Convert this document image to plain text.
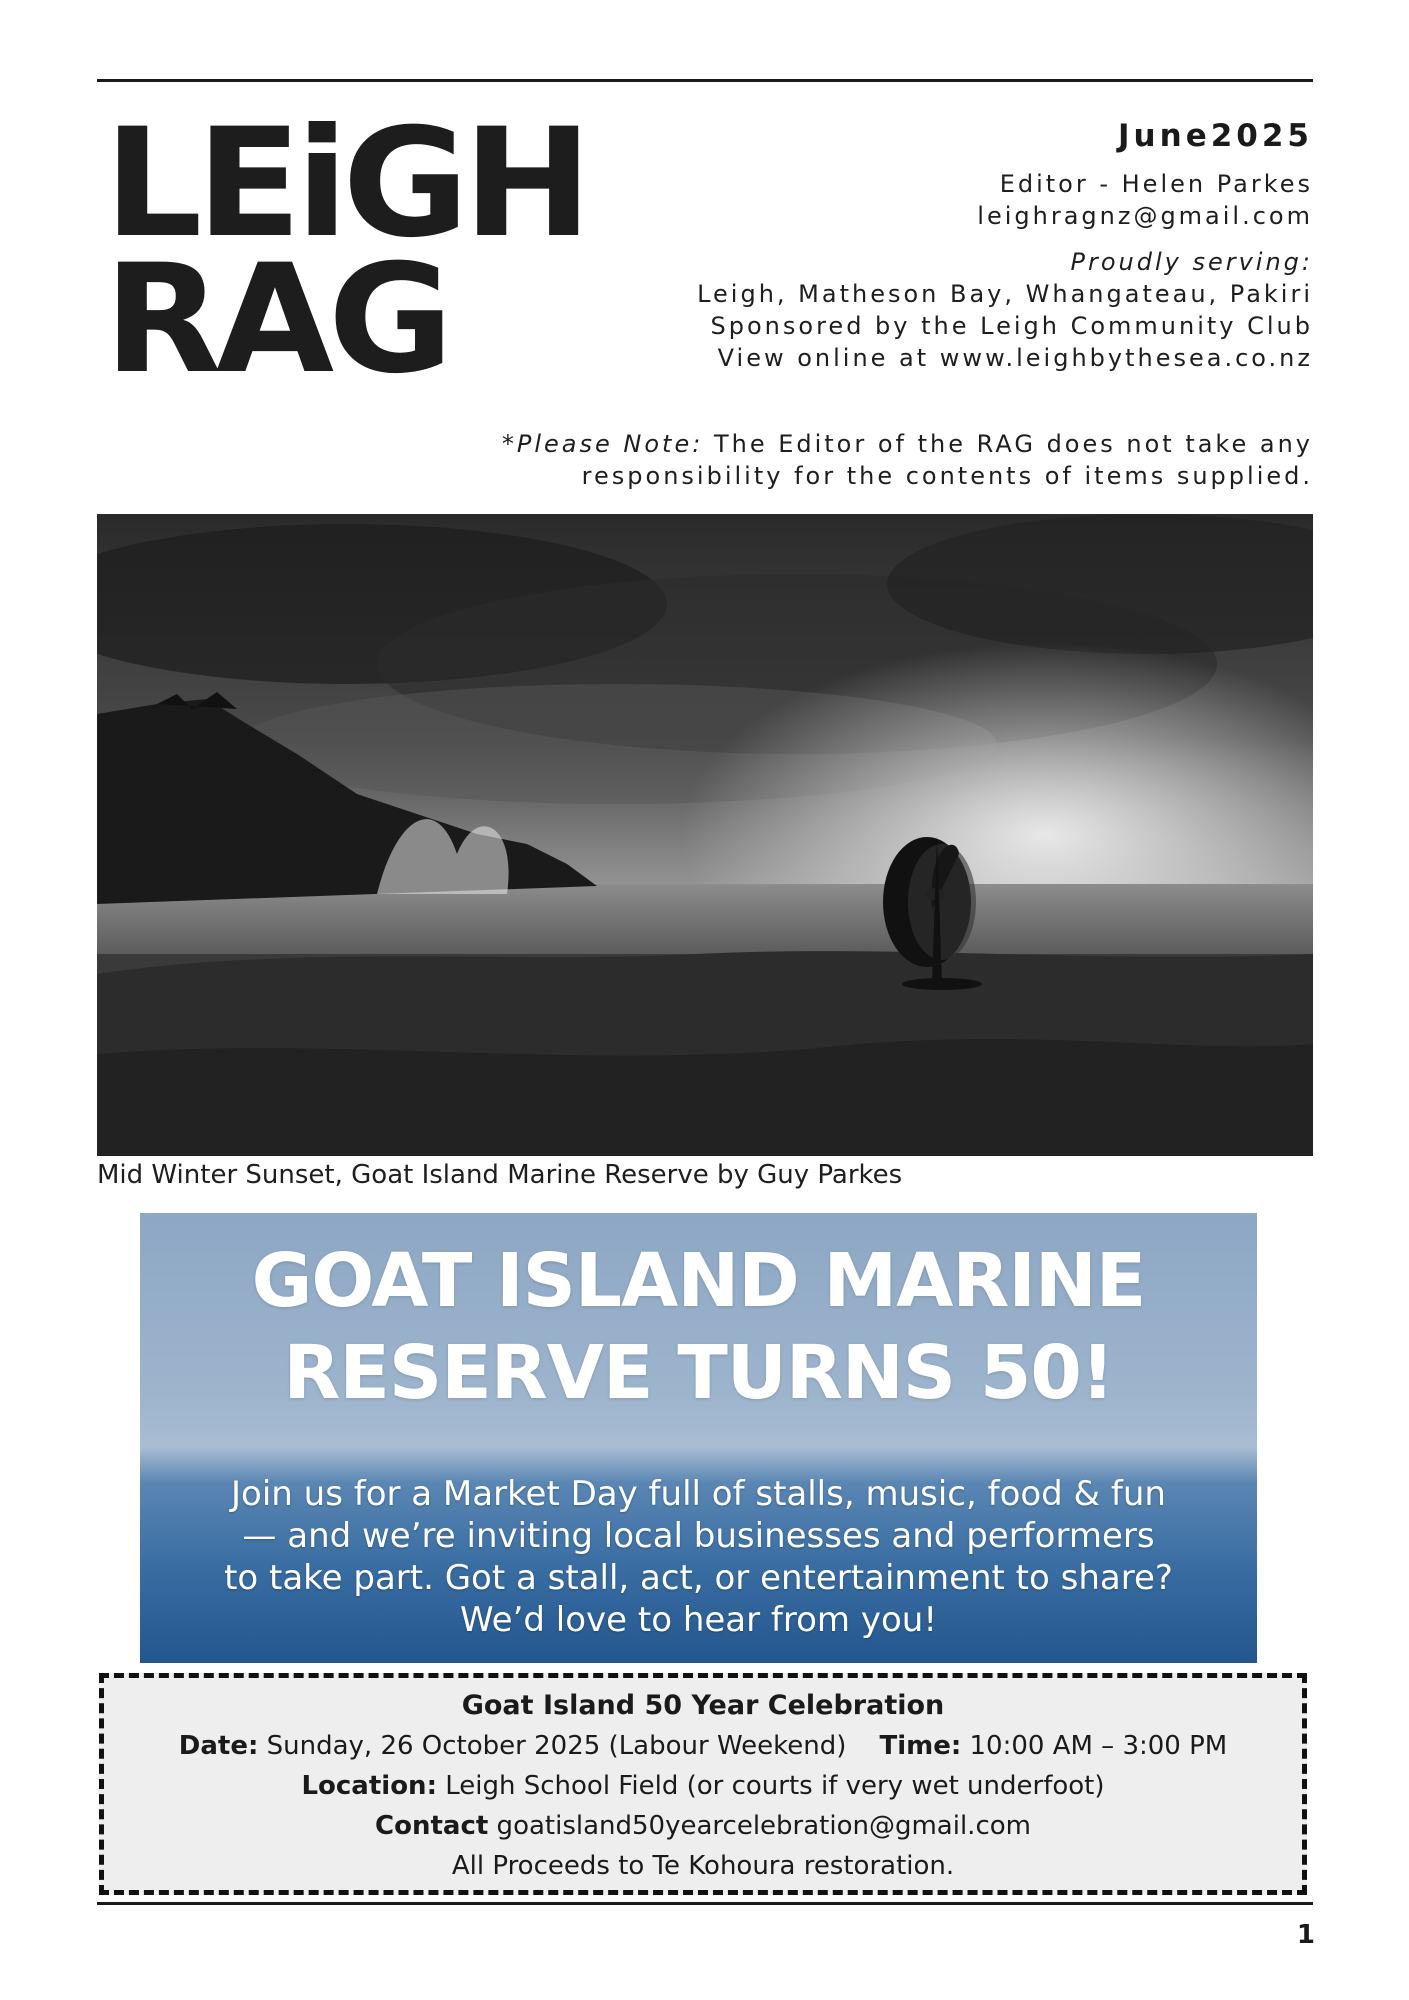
LEiGH
RAG
June2025
Editor - Helen Parkes
leighragnz@gmail.com
Proudly serving:
Leigh, Matheson Bay, Whangateau, Pakiri
Sponsored by the Leigh Community Club
View online at www.leighbythesea.co.nz
*Please Note: The Editor of the RAG does not take any
responsibility for the contents of items supplied.
Mid Winter Sunset, Goat Island Marine Reserve by Guy Parkes
GOAT ISLAND MARINE
RESERVE TURNS 50!
Join us for a Market Day full of stalls, music, food & fun
— and we’re inviting local businesses and performers
to take part. Got a stall, act, or entertainment to share?
We’d love to hear from you!
Goat Island 50 Year Celebration
Date: Sunday, 26 October 2025 (Labour Weekend) Time: 10:00 AM – 3:00 PM
Location: Leigh School Field (or courts if very wet underfoot)
Contact goatisland50yearcelebration@gmail.com
All Proceeds to Te Kohoura restoration.
1
